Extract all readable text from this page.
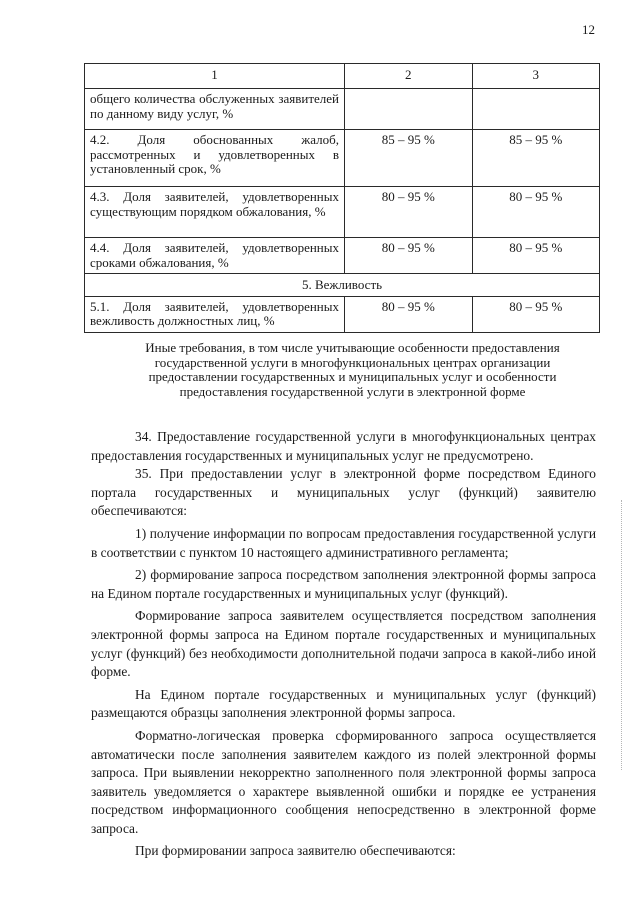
12
1	2	3
общего количества обслуженных заявителей по данному виду услуг, %		
4.2. Доля обоснованных жалоб, рассмотренных и удовлетворенных в установленный срок, %	85 – 95 %	85 – 95 %
4.3. Доля заявителей, удовлетворенных существующим порядком обжалования, %	80 – 95 %	80 – 95 %
4.4. Доля заявителей, удовлетворенных сроками обжалования, %	80 – 95 %	80 – 95 %
5. Вежливость		
5.1. Доля заявителей, удовлетворенных вежливость должностных лиц, %	80 – 95 %	80 – 95 %
Иные требования, в том числе учитывающие особенности предоставления государственной услуги в многофункциональных центрах организации предоставлении государственных и муниципальных услуг и особенности предоставления государственной услуги в электронной форме

34. Предоставление государственной услуги в многофункциональных центрах предоставления государственных и муниципальных услуг не предусмотрено.

35. При предоставлении услуг в электронной форме посредством Единого портала государственных и муниципальных услуг (функций) заявителю обеспечиваются:

1) получение информации по вопросам предоставления государственной услуги в соответствии с пунктом 10 настоящего административного регламента;

2) формирование запроса посредством заполнения электронной формы запроса на Едином портале государственных и муниципальных услуг (функций).

Формирование запроса заявителем осуществляется посредством заполнения электронной формы запроса на Едином портале государственных и муниципальных услуг (функций) без необходимости дополнительной подачи запроса в какой-либо иной форме.

На Едином портале государственных и муниципальных услуг (функций) размещаются образцы заполнения электронной формы запроса.

Форматно-логическая проверка сформированного запроса осуществляется автоматически после заполнения заявителем каждого из полей электронной формы запроса. При выявлении некорректно заполненного поля электронной формы запроса заявитель уведомляется о характере выявленной ошибки и порядке ее устранения посредством информационного сообщения непосредственно в электронной форме запроса.

При формировании запроса заявителю обеспечиваются:
